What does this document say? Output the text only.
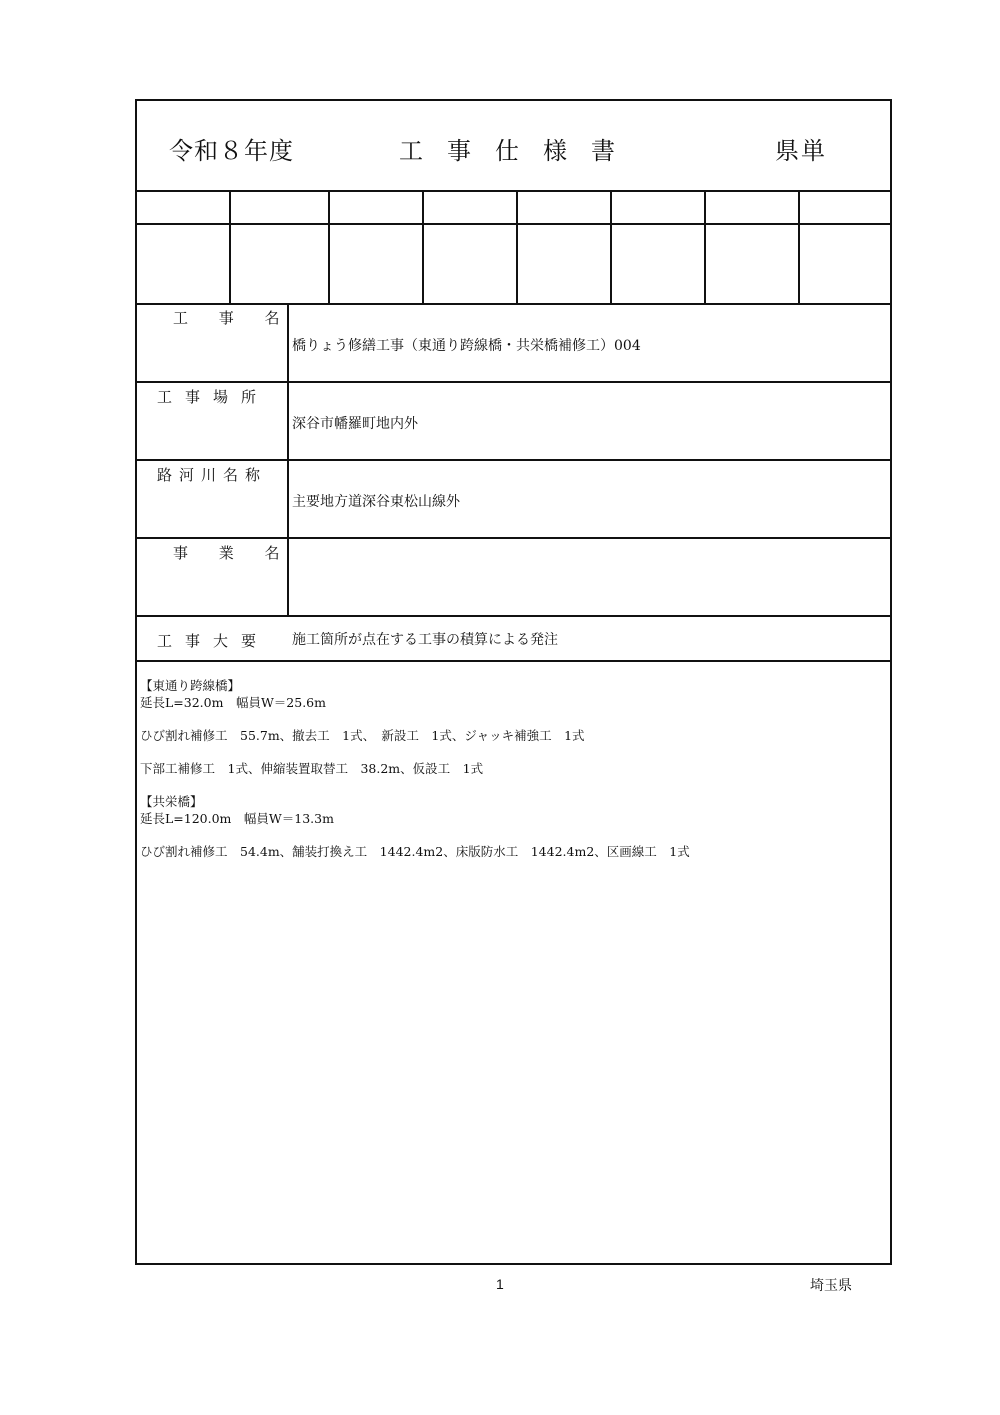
令和８年度	工事仕様書	県単
工 事 名
橋りょう修繕工事（東通り跨線橋・共栄橋補修工）004
工事場所
深谷市幡羅町地内外
路河川名称
主要地方道深谷東松山線外
事 業 名
工事大要 施工箇所が点在する工事の積算による発注
【東通り跨線橋】
延長L=32.0m　幅員W＝25.6m
ひび割れ補修工　55.7m、撤去工　1式、　新設工　1式、ジャッキ補強工　1式
下部工補修工　1式、伸縮装置取替工　38.2m、仮設工　1式
【共栄橋】
延長L=120.0m　幅員W＝13.3m
ひび割れ補修工　54.4m、舗装打換え工　1442.4m2、床版防水工　1442.4m2、区画線工　1式
1	埼玉県
